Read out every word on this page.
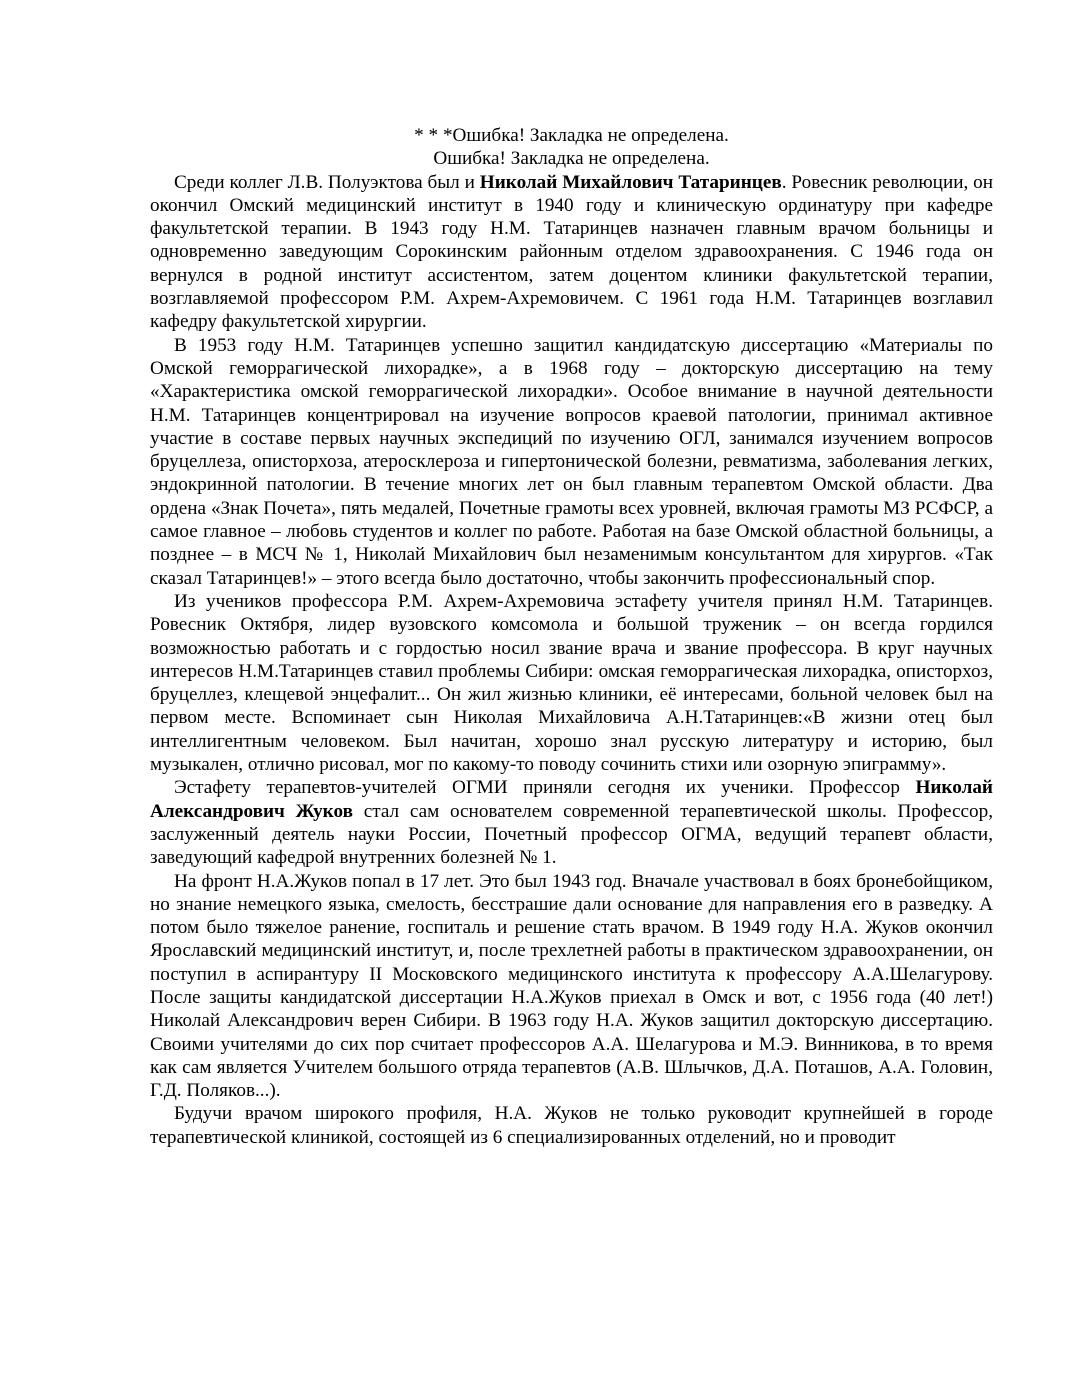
* * *Ошибка! Закладка не определена.

Ошибка! Закладка не определена.

Среди коллег Л.В. Полуэктова был и Николай Михайлович Татаринцев. Ровесник революции, он окончил Омский медицинский институт в 1940 году и клиническую ординатуру при кафедре факультетской терапии. В 1943 году Н.М. Татаринцев назначен главным врачом больницы и одновременно заведующим Сорокинским районным отделом здравоохранения. С 1946 года он вернулся в родной институт ассистентом, затем доцентом клиники факультетской терапии, возглавляемой профессором Р.М. Ахрем-Ахремовичем. С 1961 года Н.М. Татаринцев возглавил кафедру факультетской хирургии.

В 1953 году Н.М. Татаринцев успешно защитил кандидатскую диссертацию «Материалы по Омской геморрагической лихорадке», а в 1968 году – докторскую диссертацию на тему «Характеристика омской геморрагической лихорадки». Особое внимание в научной деятельности Н.М. Татаринцев концентрировал на изучение вопросов краевой патологии, принимал активное участие в составе первых научных экспедиций по изучению ОГЛ, занимался изучением вопросов бруцеллеза, описторхоза, атеросклероза и гипертонической болезни, ревматизма, заболевания легких, эндокринной патологии. В течение многих лет он был главным терапевтом Омской области. Два ордена «Знак Почета», пять медалей, Почетные грамоты всех уровней, включая грамоты МЗ РСФСР, а самое главное – любовь студентов и коллег по работе. Работая на базе Омской областной больницы, а позднее – в МСЧ № 1, Николай Михайлович был незаменимым консультантом для хирургов. «Так сказал Татаринцев!» – этого всегда было достаточно, чтобы закончить профессиональный спор.

Из учеников профессора Р.М. Ахрем-Ахремовича эстафету учителя принял Н.М. Татаринцев. Ровесник Октября, лидер вузовского комсомола и большой труженик – он всегда гордился возможностью работать и с гордостью носил звание врача и звание профессора. В круг научных интересов Н.М.Татаринцев ставил проблемы Сибири: омская геморрагическая лихорадка, описторхоз, бруцеллез, клещевой энцефалит... Он жил жизнью клиники, её интересами, больной человек был на первом месте. Вспоминает сын Николая Михайловича А.Н.Татаринцев:«В жизни отец был интеллигентным человеком. Был начитан, хорошо знал русскую литературу и историю, был музыкален, отлично рисовал, мог по какому-то поводу сочинить стихи или озорную эпиграмму».

Эстафету терапевтов-учителей ОГМИ приняли сегодня их ученики. Профессор Николай Александрович Жуков стал сам основателем современной терапевтической школы. Профессор, заслуженный деятель науки России, Почетный профессор ОГМА, ведущий терапевт области, заведующий кафедрой внутренних болезней № 1.

На фронт Н.А.Жуков попал в 17 лет. Это был 1943 год. Вначале участвовал в боях бронебойщиком, но знание немецкого языка, смелость, бесстрашие дали основание для направления его в разведку. А потом было тяжелое ранение, госпиталь и решение стать врачом. В 1949 году Н.А. Жуков окончил Ярославский медицинский институт, и, после трехлетней работы в практическом здравоохранении, он поступил в аспирантуру II Московского медицинского института к профессору А.А.Шелагурову. После защиты кандидатской диссертации Н.А.Жуков приехал в Омск и вот, с 1956 года (40 лет!) Николай Александрович верен Сибири. В 1963 году Н.А. Жуков защитил докторскую диссертацию. Своими учителями до сих пор считает профессоров А.А. Шелагурова и М.Э. Винникова, в то время как сам является Учителем большого отряда терапевтов (А.В. Шлычков, Д.А. Поташов, А.А. Головин, Г.Д. Поляков...).

Будучи врачом широкого профиля, Н.А. Жуков не только руководит крупнейшей в городе терапевтической клиникой, состоящей из 6 специализированных отделений, но и проводит
